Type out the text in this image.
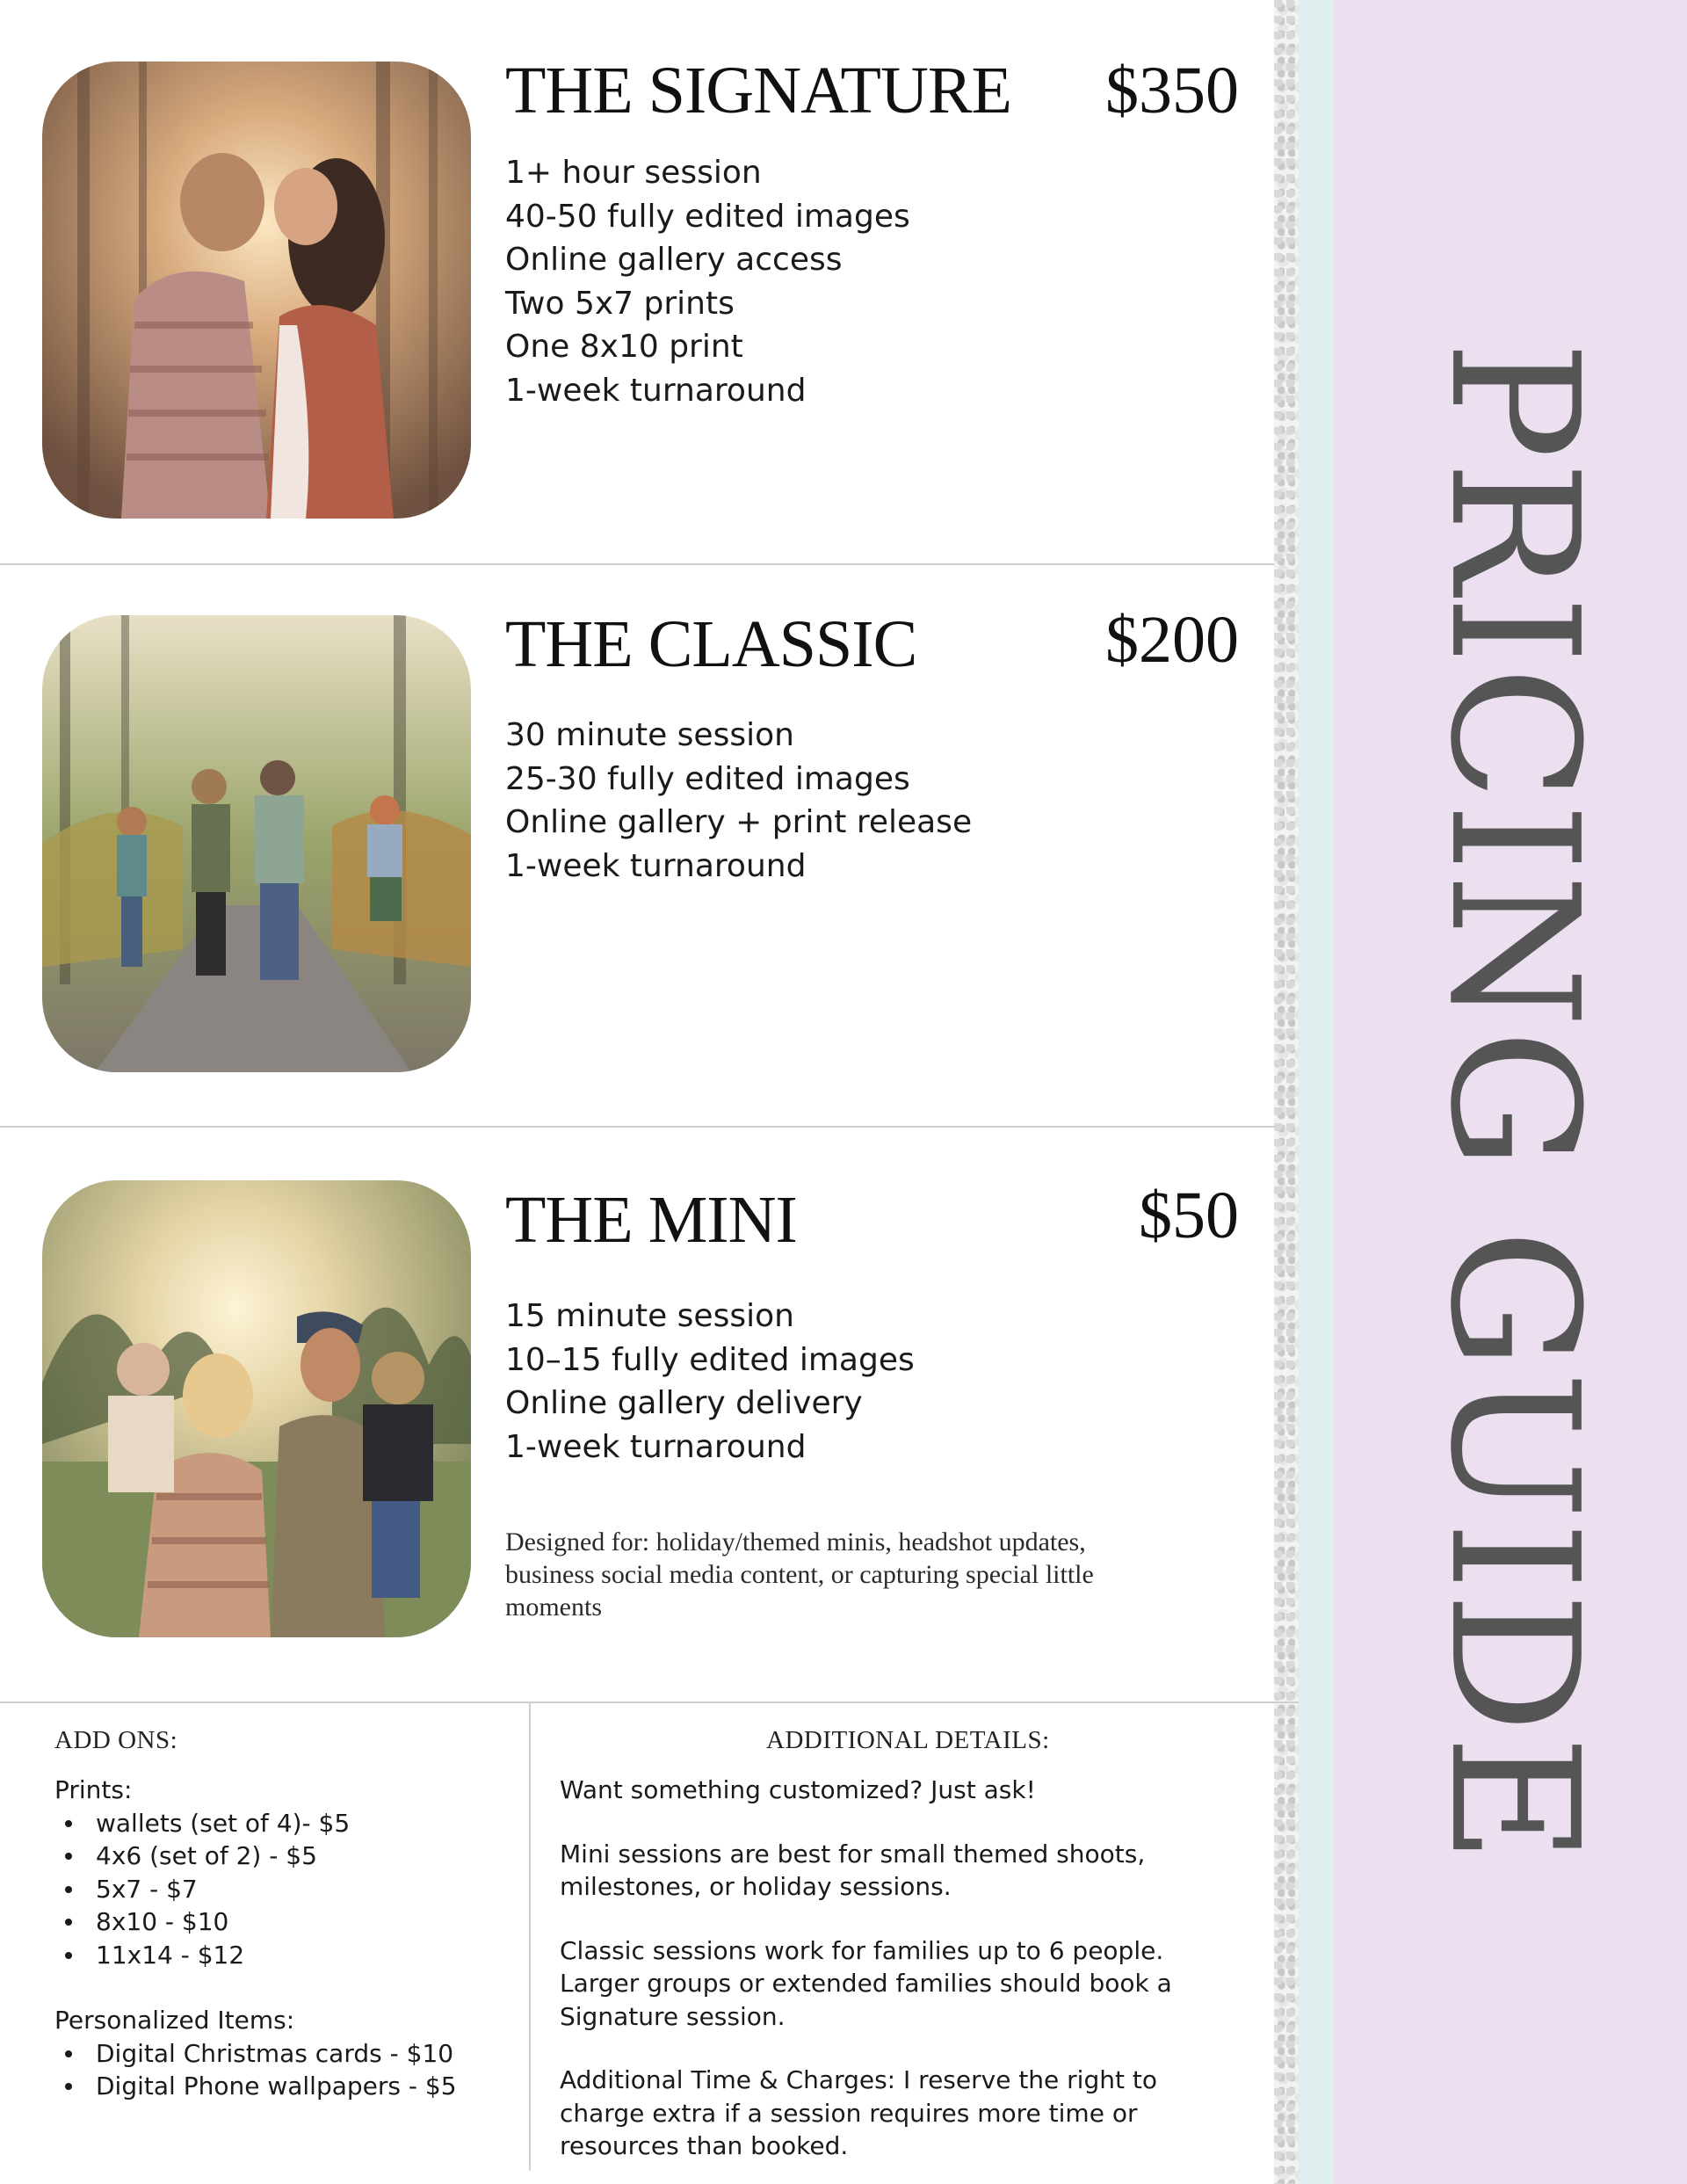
PRICING GUIDE
THE SIGNATURE $350
1+ hour session
40-50 fully edited images
Online gallery access
Two 5x7 prints
One 8x10 print
1-week turnaround
THE CLASSIC	$200
30 minute session
25-30 fully edited images
Online gallery + print release
1-week turnaround
THE MINI	$50
15 minute session
10–15 fully edited images
Online gallery delivery
1-week turnaround
Designed for: holiday/themed minis, headshot updates, business social media content, or capturing special little moments
ADD ONS:
Prints:
wallets (set of 4)- $5
4x6 (set of 2) - $5
5x7 - $7
8x10 - $10
11x14 - $12
Personalized Items:
Digital Christmas cards - $10
Digital Phone wallpapers - $5
ADDITIONAL DETAILS:

Want something customized? Just ask!

Mini sessions are best for small themed shoots, milestones, or holiday sessions.

Classic sessions work for families up to 6 people. Larger groups or extended families should book a Signature session.

Additional Time & Charges: I reserve the right to charge extra if a session requires more time or resources than booked.
